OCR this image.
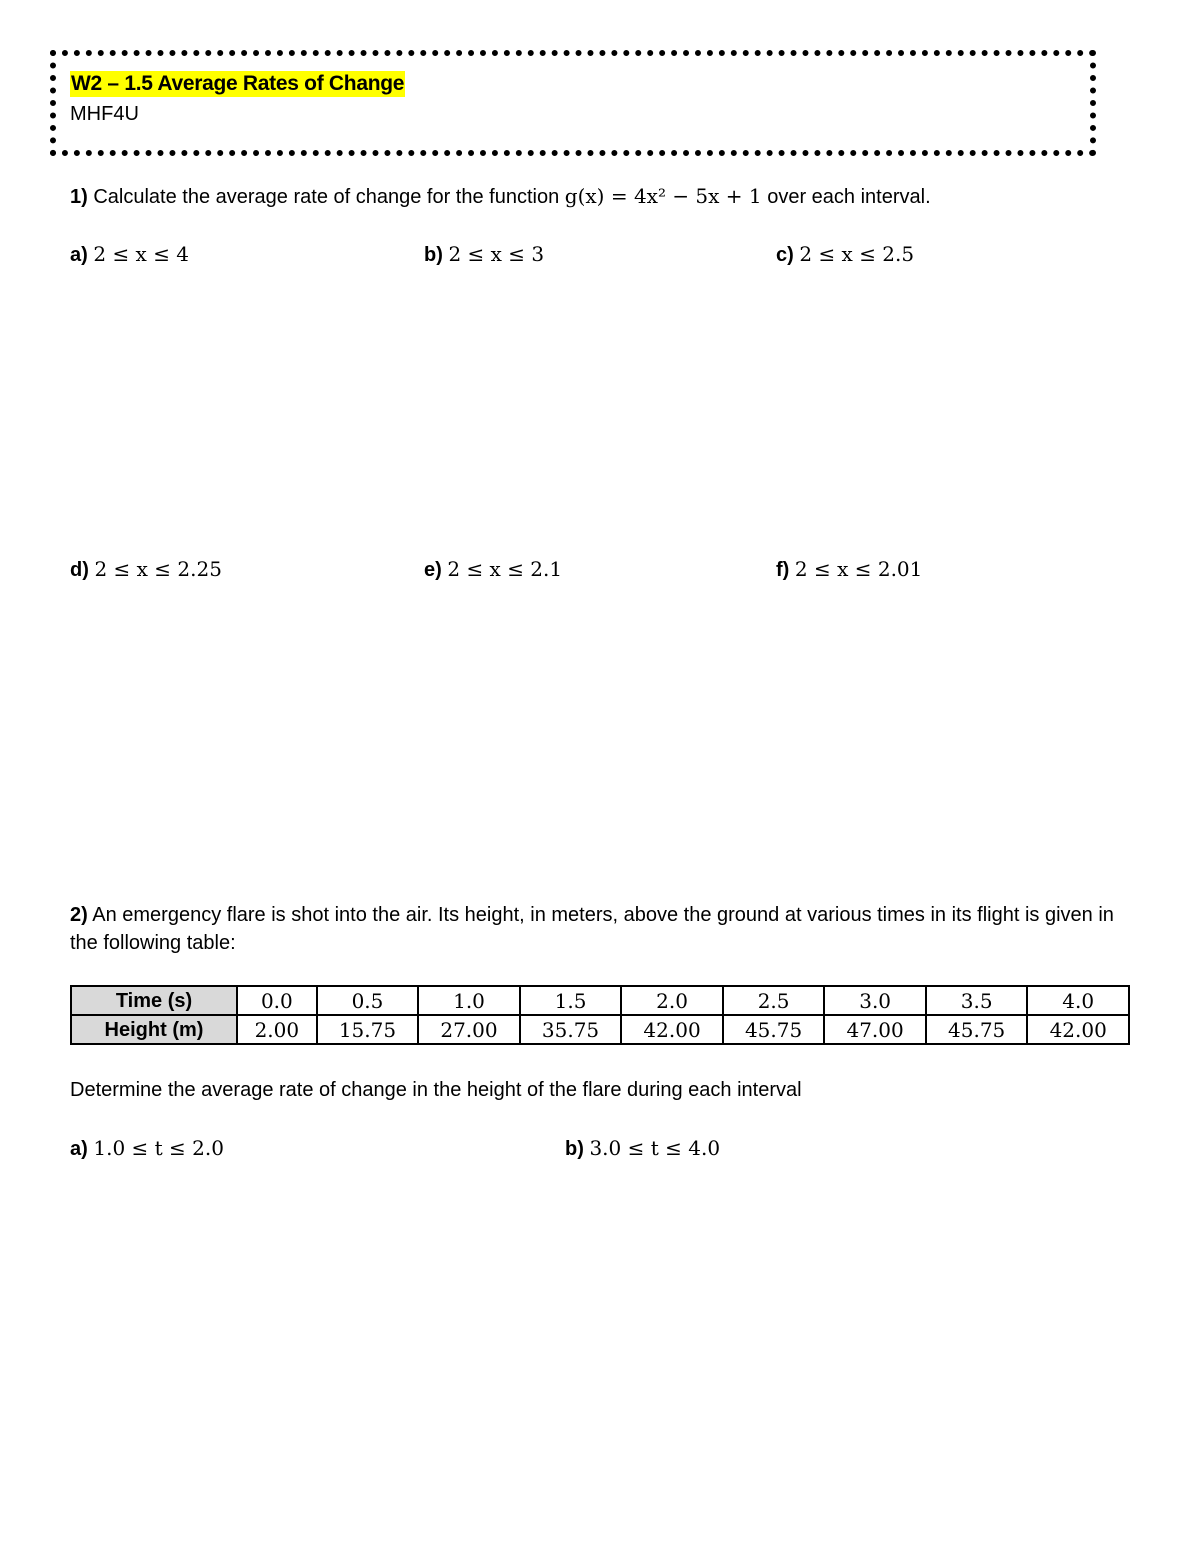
W2 – 1.5 Average Rates of Change
MHF4U
1) Calculate the average rate of change for the function g(x) = 4x² − 5x + 1 over each interval.
a) 2 ≤ x ≤ 4	b) 2 ≤ x ≤ 3	c) 2 ≤ x ≤ 2.5
d) 2 ≤ x ≤ 2.25	e) 2 ≤ x ≤ 2.1	f) 2 ≤ x ≤ 2.01
2) An emergency flare is shot into the air. Its height, in meters, above the ground at various times in its flight is given in the following table:
Time (s)	0.0	0.5	1.0	1.5	2.0	2.5	3.0	3.5	4.0
Height (m)	2.00	15.75	27.00	35.75	42.00	45.75	47.00	45.75	42.00
Determine the average rate of change in the height of the flare during each interval
a) 1.0 ≤ t ≤ 2.0	b) 3.0 ≤ t ≤ 4.0
